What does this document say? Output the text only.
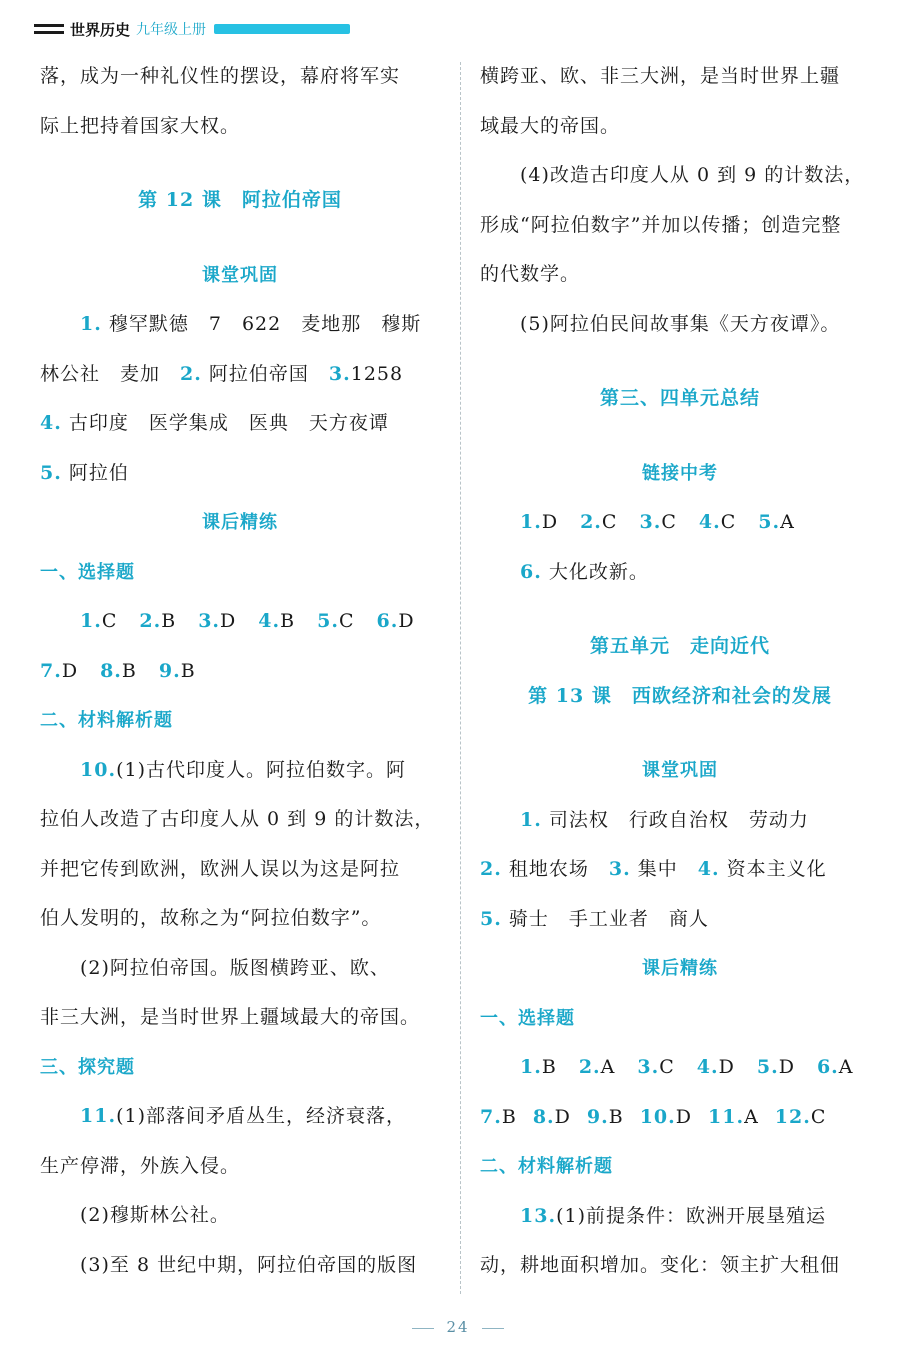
世界历史 九年级上册
落，成为一种礼仪性的摆设，幕府将军实
际上把持着国家大权。
第 12 课　阿拉伯帝国
课堂巩固
1. 穆罕默德　7　622　麦地那　穆斯
林公社　麦加　2. 阿拉伯帝国　3.1258
4. 古印度　医学集成　医典　天方夜谭
5. 阿拉伯
课后精练
一、选择题
1.C 2.B 3.D 4.B 5.C 6.D
7.D 8.B 9.B
二、材料解析题
10.(1)古代印度人。阿拉伯数字。阿
拉伯人改造了古印度人从 0 到 9 的计数法，
并把它传到欧洲，欧洲人误以为这是阿拉
伯人发明的，故称之为“阿拉伯数字”。
(2)阿拉伯帝国。版图横跨亚、欧、
非三大洲，是当时世界上疆域最大的帝国。
三、探究题
11.(1)部落间矛盾丛生，经济衰落，
生产停滞，外族入侵。
(2)穆斯林公社。
(3)至 8 世纪中期，阿拉伯帝国的版图
横跨亚、欧、非三大洲，是当时世界上疆
域最大的帝国。
(4)改造古印度人从 0 到 9 的计数法，
形成“阿拉伯数字”并加以传播；创造完整
的代数学。
(5)阿拉伯民间故事集《天方夜谭》。
第三、四单元总结
链接中考
1.D 2.C 3.C 4.C 5.A
6. 大化改新。
第五单元　走向近代
第 13 课　西欧经济和社会的发展
课堂巩固
1. 司法权　行政自治权　劳动力
2. 租地农场　3. 集中　4. 资本主义化
5. 骑士　手工业者　商人
课后精练
一、选择题
1.B 2.A 3.C 4.D 5.D 6.A
7.B 8.D 9.B 10.D 11.A 12.C
二、材料解析题
13.(1)前提条件：欧洲开展垦殖运
动，耕地面积增加。变化：领主扩大租佃
24
